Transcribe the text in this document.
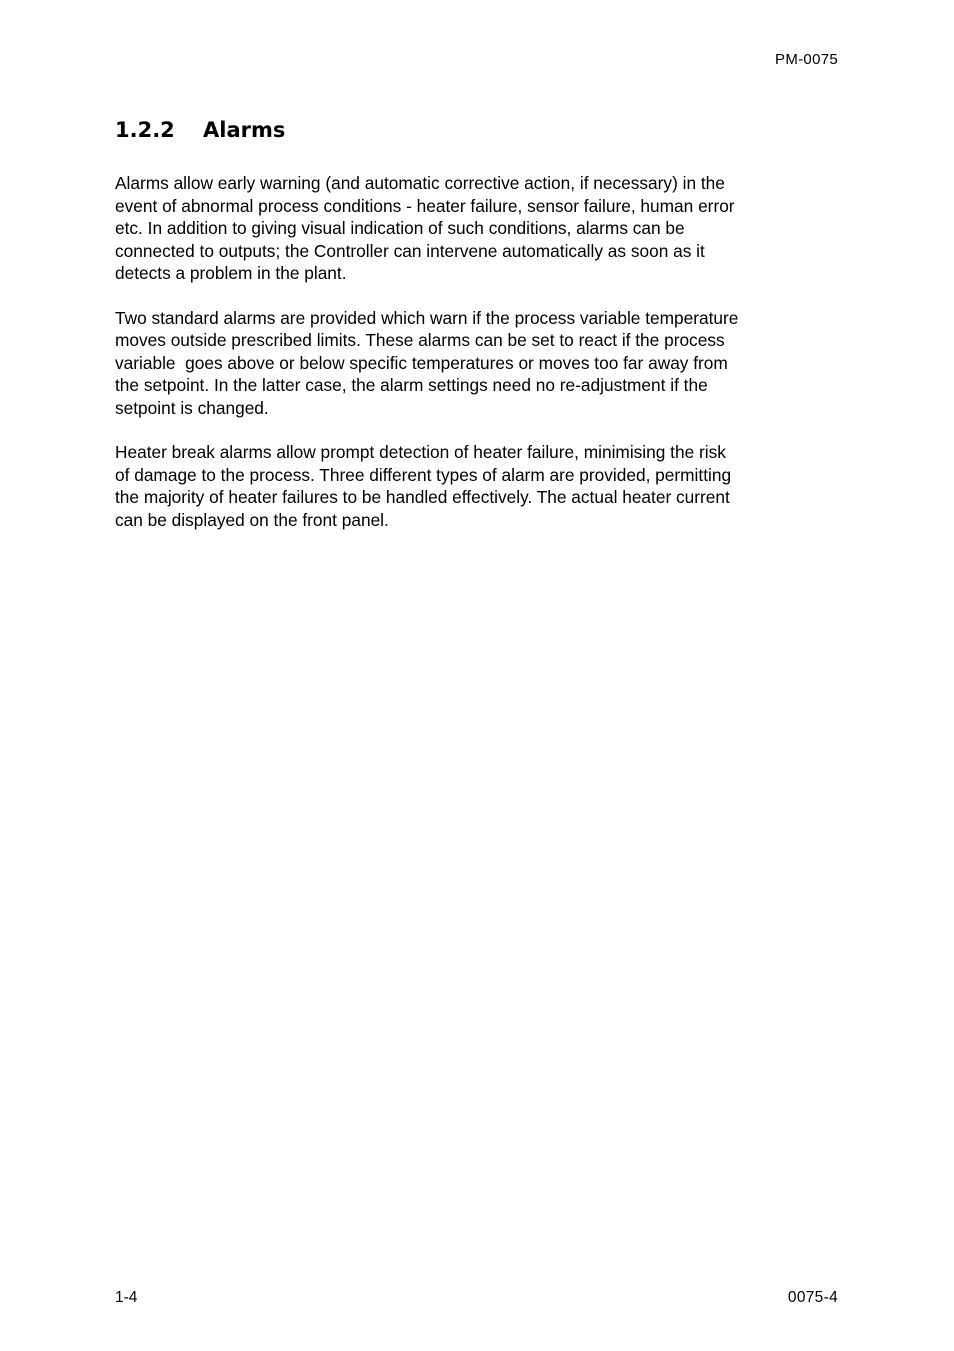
PM-0075
1.2.2 Alarms

Alarms allow early warning (and automatic corrective action, if necessary) in the
event of abnormal process conditions - heater failure, sensor failure, human error
etc. In addition to giving visual indication of such conditions, alarms can be
connected to outputs; the Controller can intervene automatically as soon as it
detects a problem in the plant.

Two standard alarms are provided which warn if the process variable temperature
moves outside prescribed limits. These alarms can be set to react if the process
variable  goes above or below specific temperatures or moves too far away from
the setpoint. In the latter case, the alarm settings need no re-adjustment if the
setpoint is changed.

Heater break alarms allow prompt detection of heater failure, minimising the risk
of damage to the process. Three different types of alarm are provided, permitting
the majority of heater failures to be handled effectively. The actual heater current
can be displayed on the front panel.

1-4	0075-4
